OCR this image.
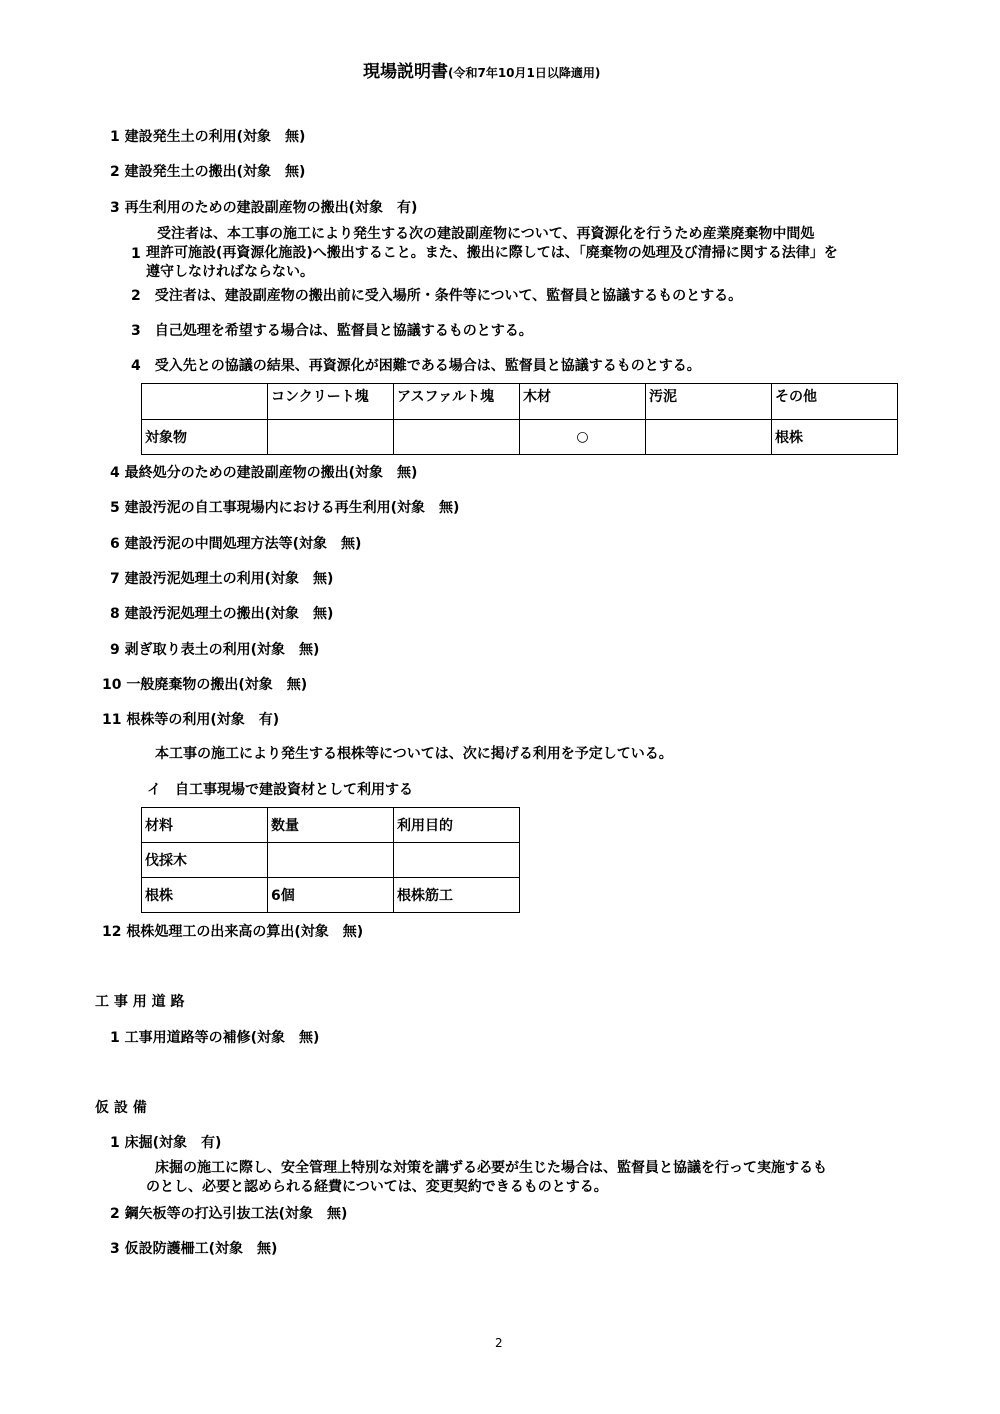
現場説明書(令和7年10月1日以降適用)
1 建設発生土の利用(対象　無)
2 建設発生土の搬出(対象　無)
3 再生利用のための建設副産物の搬出(対象　有)
1
　受注者は、本工事の施工により発生する次の建設副産物について、再資源化を行うため産業廃棄物中間処
理許可施設(再資源化施設)へ搬出すること。また、搬出に際しては、「廃棄物の処理及び清掃に関する法律」を
遵守しなければならない。
2　受注者は、建設副産物の搬出前に受入場所・条件等について、監督員と協議するものとする。
3　自己処理を希望する場合は、監督員と協議するものとする。
4　受入先との協議の結果、再資源化が困難である場合は、監督員と協議するものとする。
	コンクリート塊	アスファルト塊	木材	汚泥	その他
対象物			○		根株
4 最終処分のための建設副産物の搬出(対象　無)
5 建設汚泥の自工事現場内における再生利用(対象　無)
6 建設汚泥の中間処理方法等(対象　無)
7 建設汚泥処理土の利用(対象　無)
8 建設汚泥処理土の搬出(対象　無)
9 剥ぎ取り表土の利用(対象　無)
10 一般廃棄物の搬出(対象　無)
11 根株等の利用(対象　有)
本工事の施工により発生する根株等については、次に掲げる利用を予定している。
イ　自工事現場で建設資材として利用する
材料	数量	利用目的
伐採木		
根株	6個	根株筋工
12 根株処理工の出来高の算出(対象　無)
工 事 用 道 路
1 工事用道路等の補修(対象　無)
仮 設 備
1 床掘(対象　有)
床掘の施工に際し、安全管理上特別な対策を講ずる必要が生じた場合は、監督員と協議を行って実施するも
のとし、必要と認められる経費については、変更契約できるものとする。
2 鋼矢板等の打込引抜工法(対象　無)
3 仮設防護柵工(対象　無)
2
